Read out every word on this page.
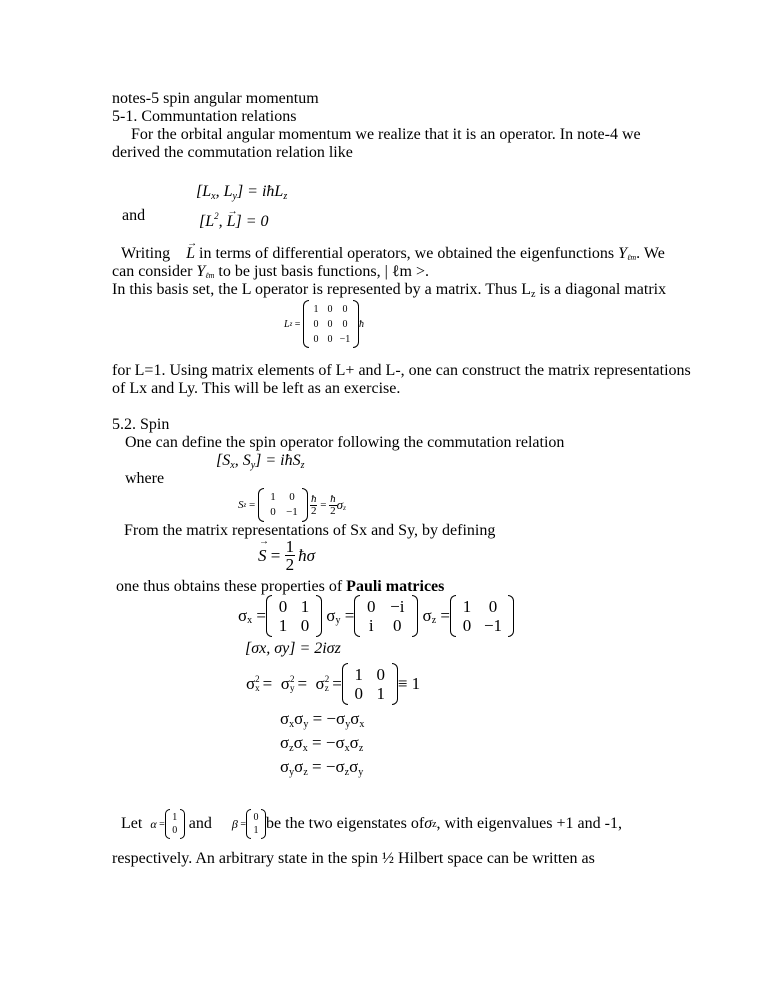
notes-5 spin angular momentum
5-1. Communtation relations
For the orbital angular momentum we realize that it is an operator. In note-4 we
derived the commutation relation like
[$L_x$, $L_y$] = iħL$_z$
and	[$L^2$, → L] = 0
Writing → L in terms of differential operators, we obtained the eigenfunctions Yℓm. We
can consider Yℓm to be just basis functions, | ℓm >.
In this basis set, the L operator is represented by a matrix. Thus $L_z$ is a diagonal matrix
L z =
1 0	0
0 0	0
0 0 −1
ħ
for L=1. Using matrix elements of L+ and L-, one can construct the matrix representations
of Lx and Ly. This will be left as an exercise.
5.2. Spin
One can define the spin operator following the commutation relation
[$S_x$, $S_y$] = iħS$_z$
where
S z =
1	0
0 −1	$\frac{ħ}{2} = \frac{ħ}{2}$ σ z
From the matrix representations of Sx and Sy, by defining
→ $S = \frac{1}{2}$ ħσ
one thus obtains these properties of Pauli matrices
σ x = 0 1
1 0

σ y = 0 −i
i	0

σ z = 1	0
0 −1
[σx, σy] = 2iσz
σ 2
x = σ 2
y = σ 2
z = 1 0
0 1
≡ 1
$\sigma_x\sigma_y = -\sigma_y\sigma_x$
$\sigma_z\sigma_x = -\sigma_x\sigma_z$
$\sigma_y\sigma_z = -\sigma_z\sigma_y$
Let
α =
1
0
and
β =
0
1 be the two eigenstates of σ z , with eigenvalues +1 and -1,
respectively. An arbitrary state in the spin ½ Hilbert space can be written as
